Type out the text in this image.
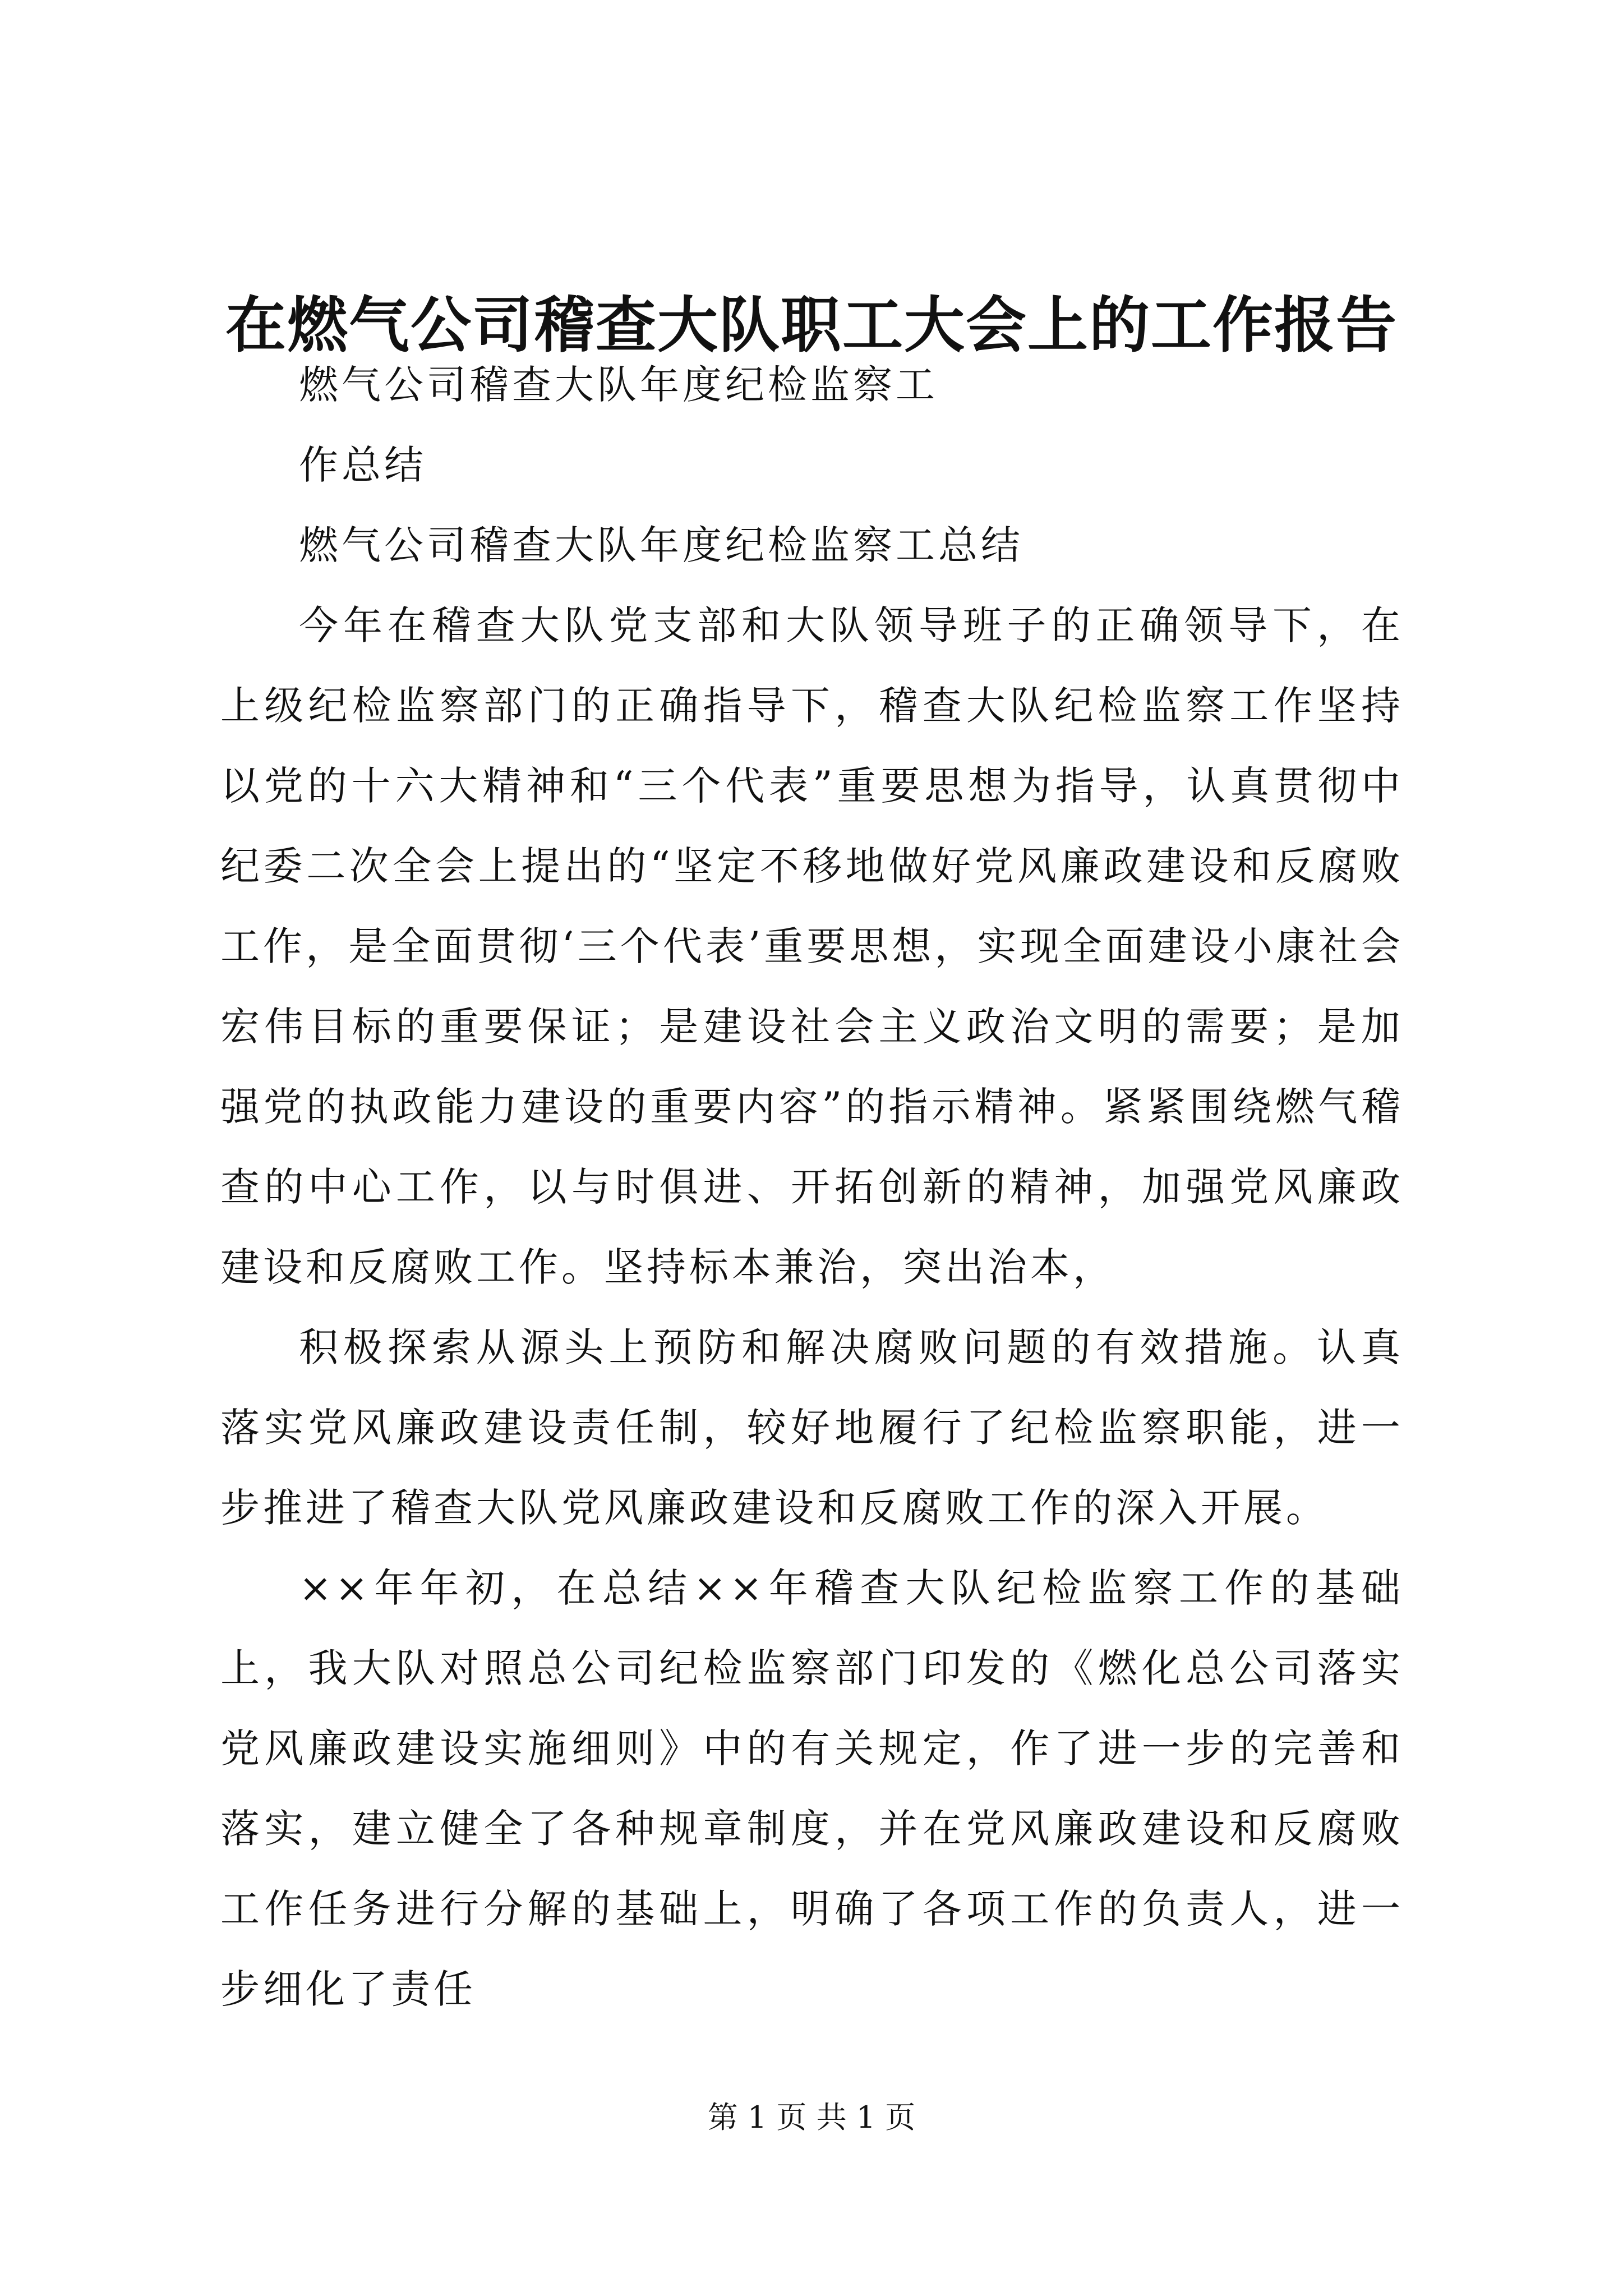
在燃气公司稽查大队职工大会上的工作报告

燃气公司稽查大队年度纪检监察工

作总结

燃气公司稽查大队年度纪检监察工总结

今年在稽查大队党支部和大队领导班子的正确领导下，在上级纪检监察部门的正确指导下，稽查大队纪检监察工作坚持以党的十六大精神和“三个代表”重要思想为指导，认真贯彻中纪委二次全会上提出的“坚定不移地做好党风廉政建设和反腐败工作，是全面贯彻‘三个代表’重要思想，实现全面建设小康社会宏伟目标的重要保证；是建设社会主义政治文明的需要；是加强党的执政能力建设的重要内容”的指示精神。紧紧围绕燃气稽查的中心工作，以与时俱进、开拓创新的精神，加强党风廉政建设和反腐败工作。坚持标本兼治，突出治本，

积极探索从源头上预防和解决腐败问题的有效措施。认真落实党风廉政建设责任制，较好地履行了纪检监察职能，进一步推进了稽查大队党风廉政建设和反腐败工作的深入开展。

××年年初，在总结××年稽查大队纪检监察工作的基础上，我大队对照总公司纪检监察部门印发的《燃化总公司落实党风廉政建设实施细则》中的有关规定，作了进一步的完善和落实，建立健全了各种规章制度，并在党风廉政建设和反腐败工作任务进行分解的基础上，明确了各项工作的负责人，进一步细化了责任

第 1 页 共 1 页
